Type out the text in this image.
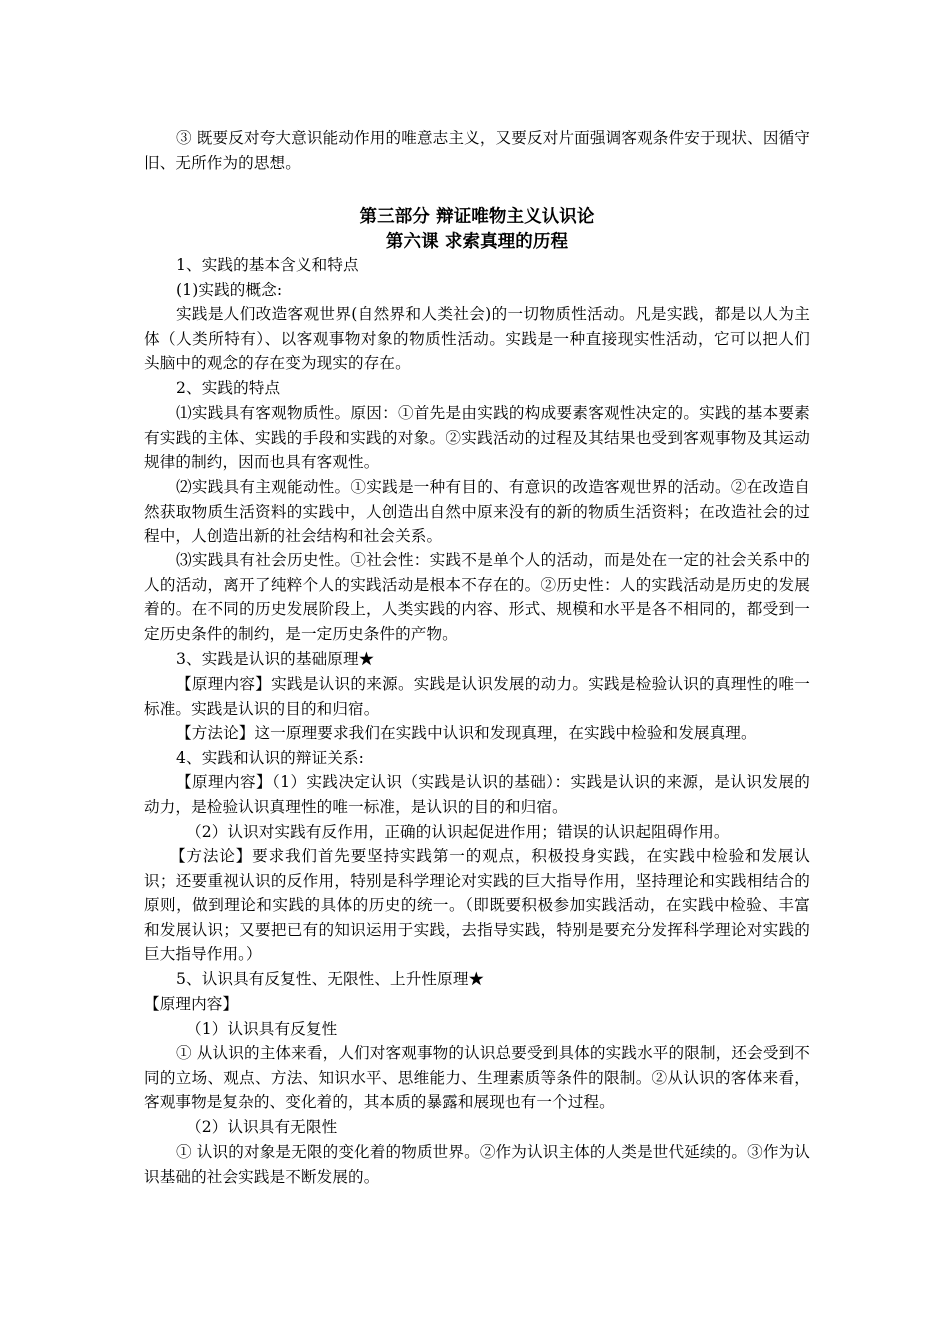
③ 既要反对夸大意识能动作用的唯意志主义，又要反对片面强调客观条件安于现状、因循守旧、无所作为的思想。

第三部分 辩证唯物主义认识论

第六课 求索真理的历程

1、实践的基本含义和特点

(1)实践的概念:

实践是人们改造客观世界(自然界和人类社会)的一切物质性活动。凡是实践，都是以人为主体（人类所特有）、以客观事物对象的物质性活动。实践是一种直接现实性活动，它可以把人们头脑中的观念的存在变为现实的存在。

2、实践的特点

⑴实践具有客观物质性。原因：①首先是由实践的构成要素客观性决定的。实践的基本要素有实践的主体、实践的手段和实践的对象。②实践活动的过程及其结果也受到客观事物及其运动规律的制约，因而也具有客观性。

⑵实践具有主观能动性。①实践是一种有目的、有意识的改造客观世界的活动。②在改造自然获取物质生活资料的实践中，人创造出自然中原来没有的新的物质生活资料；在改造社会的过程中，人创造出新的社会结构和社会关系。

⑶实践具有社会历史性。①社会性：实践不是单个人的活动，而是处在一定的社会关系中的人的活动，离开了纯粹个人的实践活动是根本不存在的。②历史性：人的实践活动是历史的发展着的。在不同的历史发展阶段上，人类实践的内容、形式、规模和水平是各不相同的，都受到一定历史条件的制约，是一定历史条件的产物。

3、实践是认识的基础原理★

【原理内容】实践是认识的来源。实践是认识发展的动力。实践是检验认识的真理性的唯一标准。实践是认识的目的和归宿。

【方法论】这一原理要求我们在实践中认识和发现真理，在实践中检验和发展真理。

4、实践和认识的辩证关系:

【原理内容】（1）实践决定认识（实践是认识的基础）：实践是认识的来源，是认识发展的动力，是检验认识真理性的唯一标准，是认识的目的和归宿。

（2）认识对实践有反作用，正确的认识起促进作用；错误的认识起阻碍作用。

【方法论】要求我们首先要坚持实践第一的观点，积极投身实践，在实践中检验和发展认识；还要重视认识的反作用，特别是科学理论对实践的巨大指导作用，坚持理论和实践相结合的原则，做到理论和实践的具体的历史的统一。（即既要积极参加实践活动，在实践中检验、丰富和发展认识；又要把已有的知识运用于实践，去指导实践，特别是要充分发挥科学理论对实践的巨大指导作用。）

5、认识具有反复性、无限性、上升性原理★

【原理内容】

（1）认识具有反复性

① 从认识的主体来看，人们对客观事物的认识总要受到具体的实践水平的限制，还会受到不同的立场、观点、方法、知识水平、思维能力、生理素质等条件的限制。②从认识的客体来看，客观事物是复杂的、变化着的，其本质的暴露和展现也有一个过程。

（2）认识具有无限性

① 认识的对象是无限的变化着的物质世界。②作为认识主体的人类是世代延续的。③作为认识基础的社会实践是不断发展的。
